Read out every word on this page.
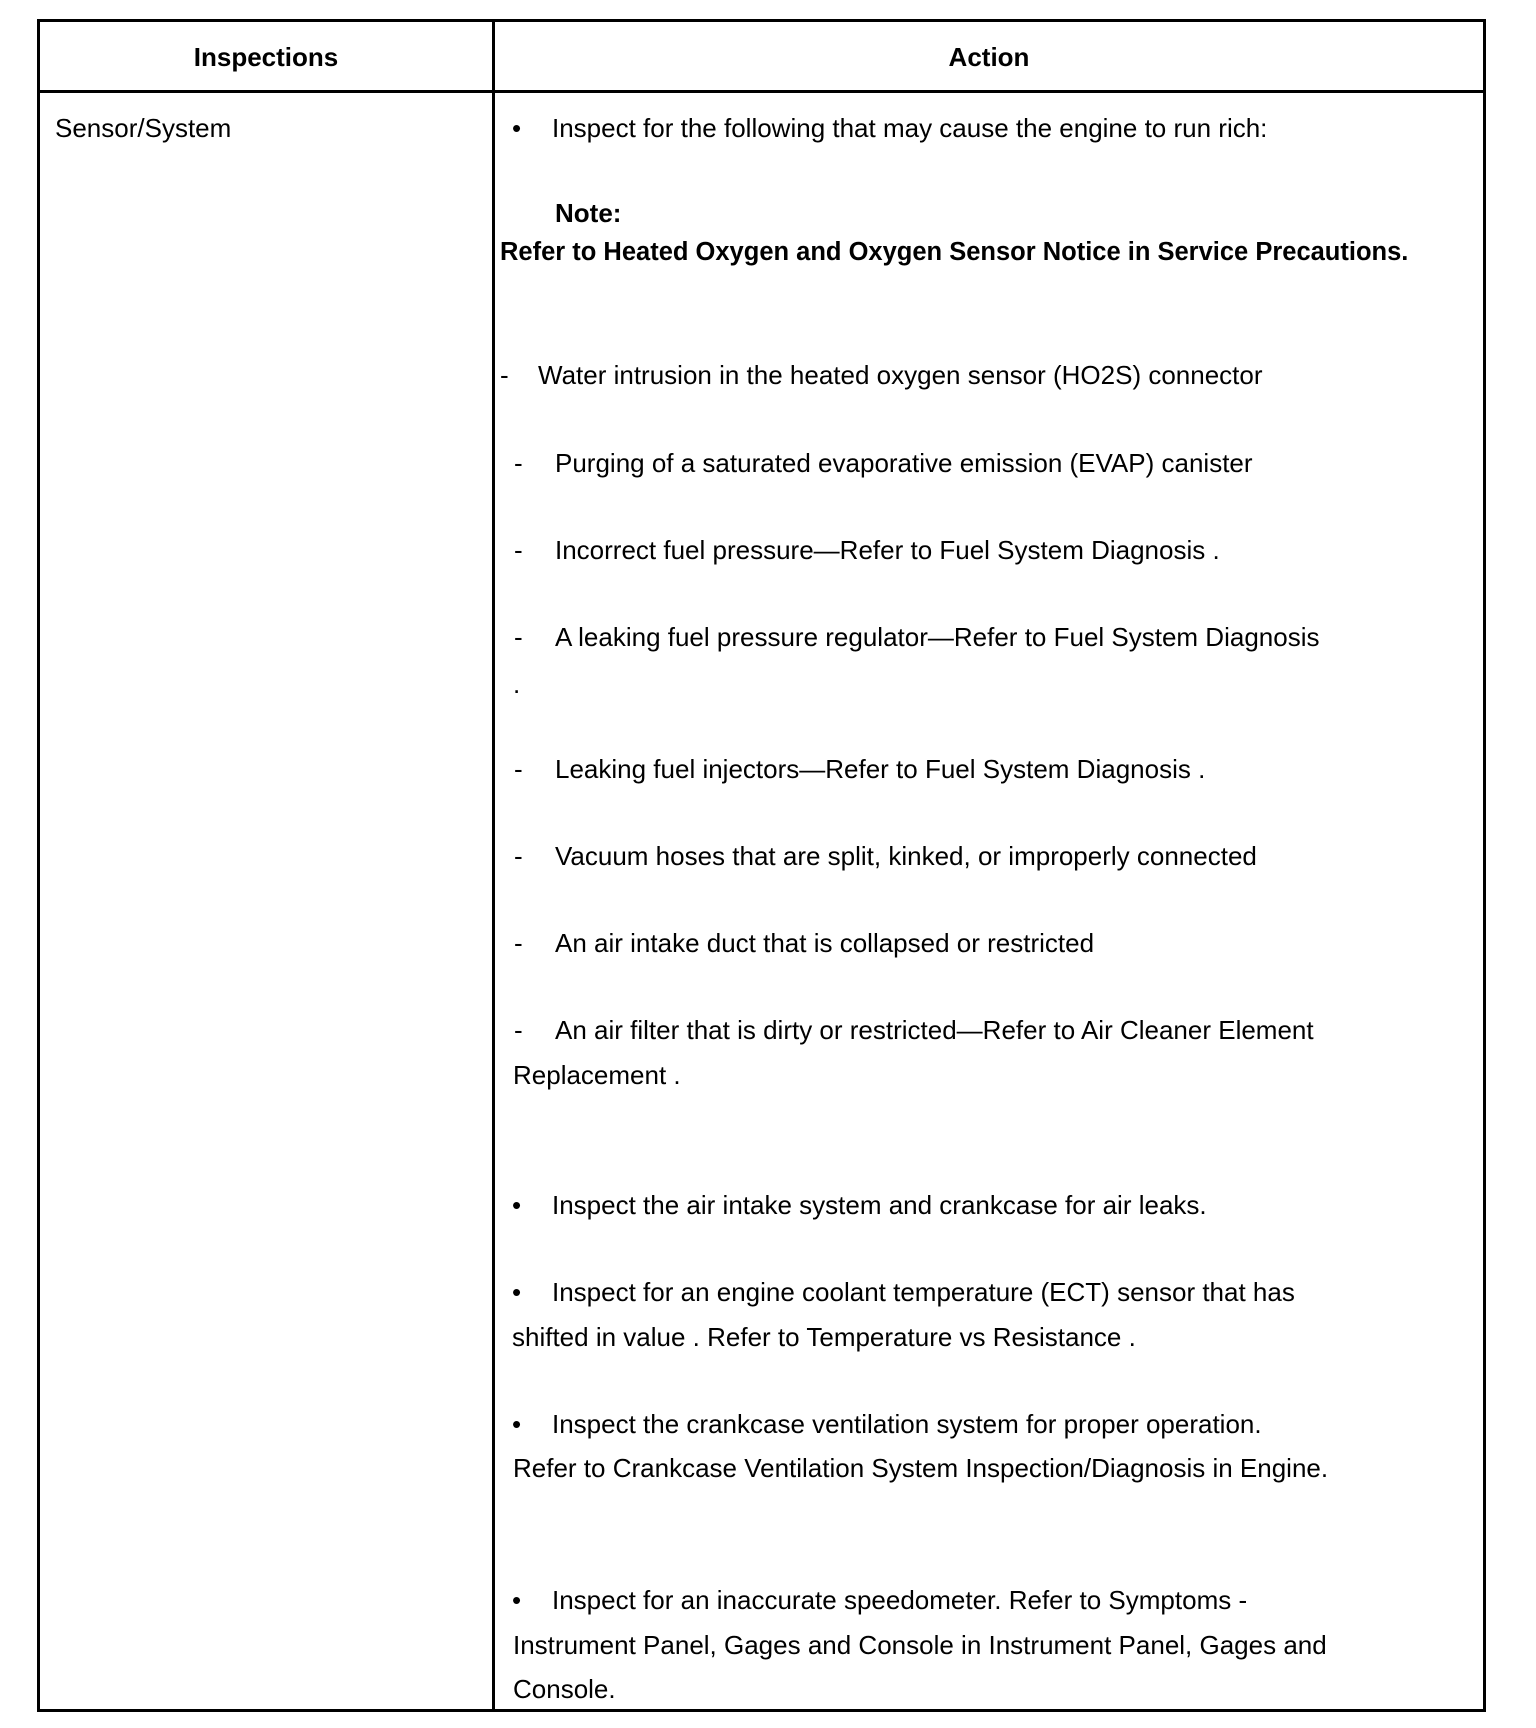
Inspections	Action
Sensor/System	• Inspect for the following that may cause the engine to run rich:
Note:
Refer to Heated Oxygen and Oxygen Sensor Notice in Service Precautions.
- Water intrusion in the heated oxygen sensor (HO2S) connector
- Purging of a saturated evaporative emission (EVAP) canister
- Incorrect fuel pressure—Refer to Fuel System Diagnosis .
- A leaking fuel pressure regulator—Refer to Fuel System Diagnosis
.
- Leaking fuel injectors—Refer to Fuel System Diagnosis .
- Vacuum hoses that are split, kinked, or improperly connected
- An air intake duct that is collapsed or restricted
- An air filter that is dirty or restricted—Refer to Air Cleaner Element
Replacement .
• Inspect the air intake system and crankcase for air leaks.
• Inspect for an engine coolant temperature (ECT) sensor that has
shifted in value . Refer to Temperature vs Resistance .
• Inspect the crankcase ventilation system for proper operation.
Refer to Crankcase Ventilation System Inspection/Diagnosis in Engine.
• Inspect for an inaccurate speedometer. Refer to Symptoms -
Instrument Panel, Gages and Console in Instrument Panel, Gages and
Console.
